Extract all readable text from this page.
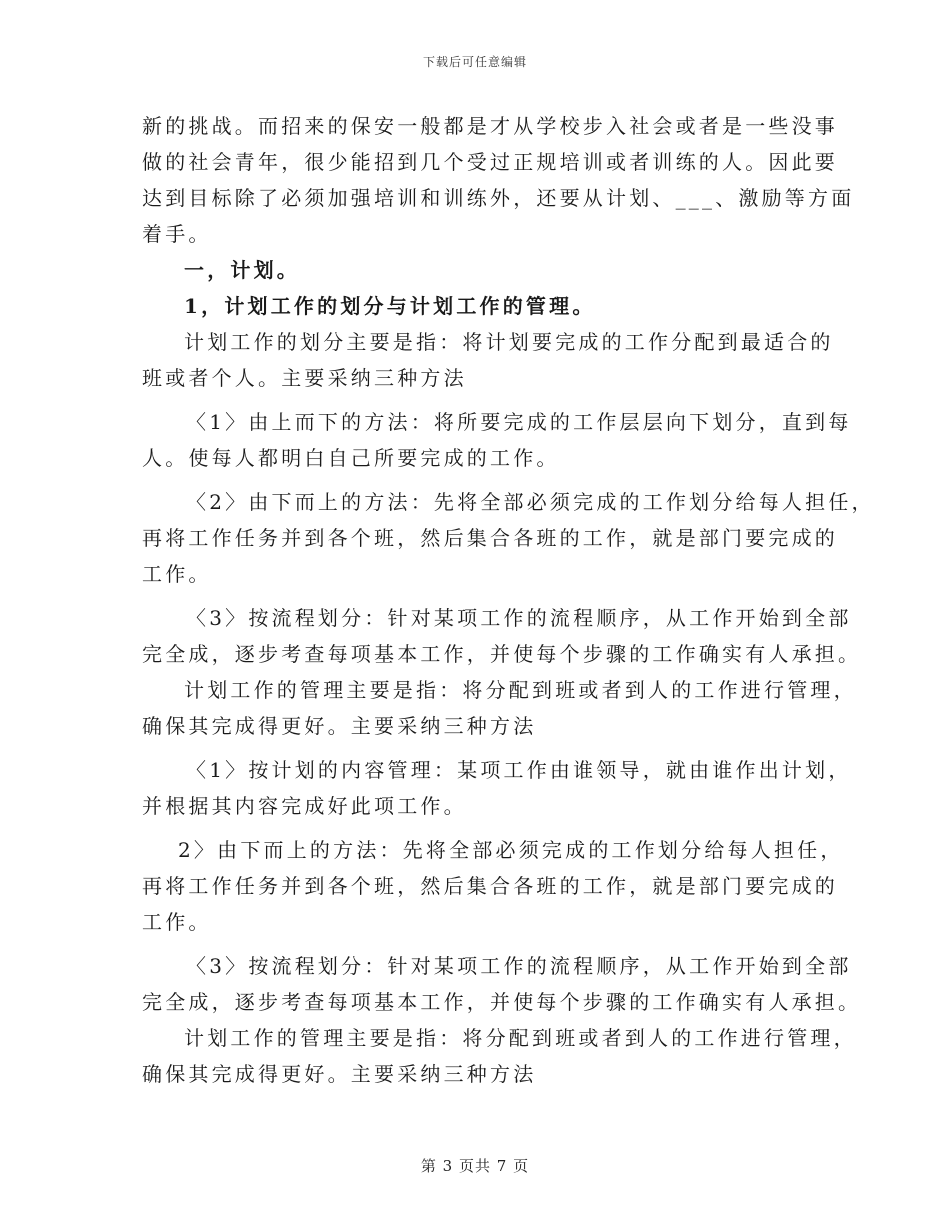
下载后可任意编辑
新的挑战。而招来的保安一般都是才从学校步入社会或者是一些没事
做的社会青年，很少能招到几个受过正规培训或者训练的人。因此要
达到目标除了必须加强培训和训练外，还要从计划、___、激励等方面
着手。
一，计划。
1，计划工作的划分与计划工作的管理。
计划工作的划分主要是指：将计划要完成的工作分配到最适合的
班或者个人。主要采纳三种方法
〈1〉由上而下的方法：将所要完成的工作层层向下划分，直到每
人。使每人都明白自己所要完成的工作。
〈2〉由下而上的方法：先将全部必须完成的工作划分给每人担任，
再将工作任务并到各个班，然后集合各班的工作，就是部门要完成的
工作。
〈3〉按流程划分：针对某项工作的流程顺序，从工作开始到全部
完全成，逐步考查每项基本工作，并使每个步骤的工作确实有人承担。
计划工作的管理主要是指：将分配到班或者到人的工作进行管理，
确保其完成得更好。主要采纳三种方法
〈1〉按计划的内容管理：某项工作由谁领导，就由谁作出计划，
并根据其内容完成好此项工作。
2〉由下而上的方法：先将全部必须完成的工作划分给每人担任，
再将工作任务并到各个班，然后集合各班的工作，就是部门要完成的
工作。
〈3〉按流程划分：针对某项工作的流程顺序，从工作开始到全部
完全成，逐步考查每项基本工作，并使每个步骤的工作确实有人承担。
计划工作的管理主要是指：将分配到班或者到人的工作进行管理，
确保其完成得更好。主要采纳三种方法
第 3 页共 7 页
